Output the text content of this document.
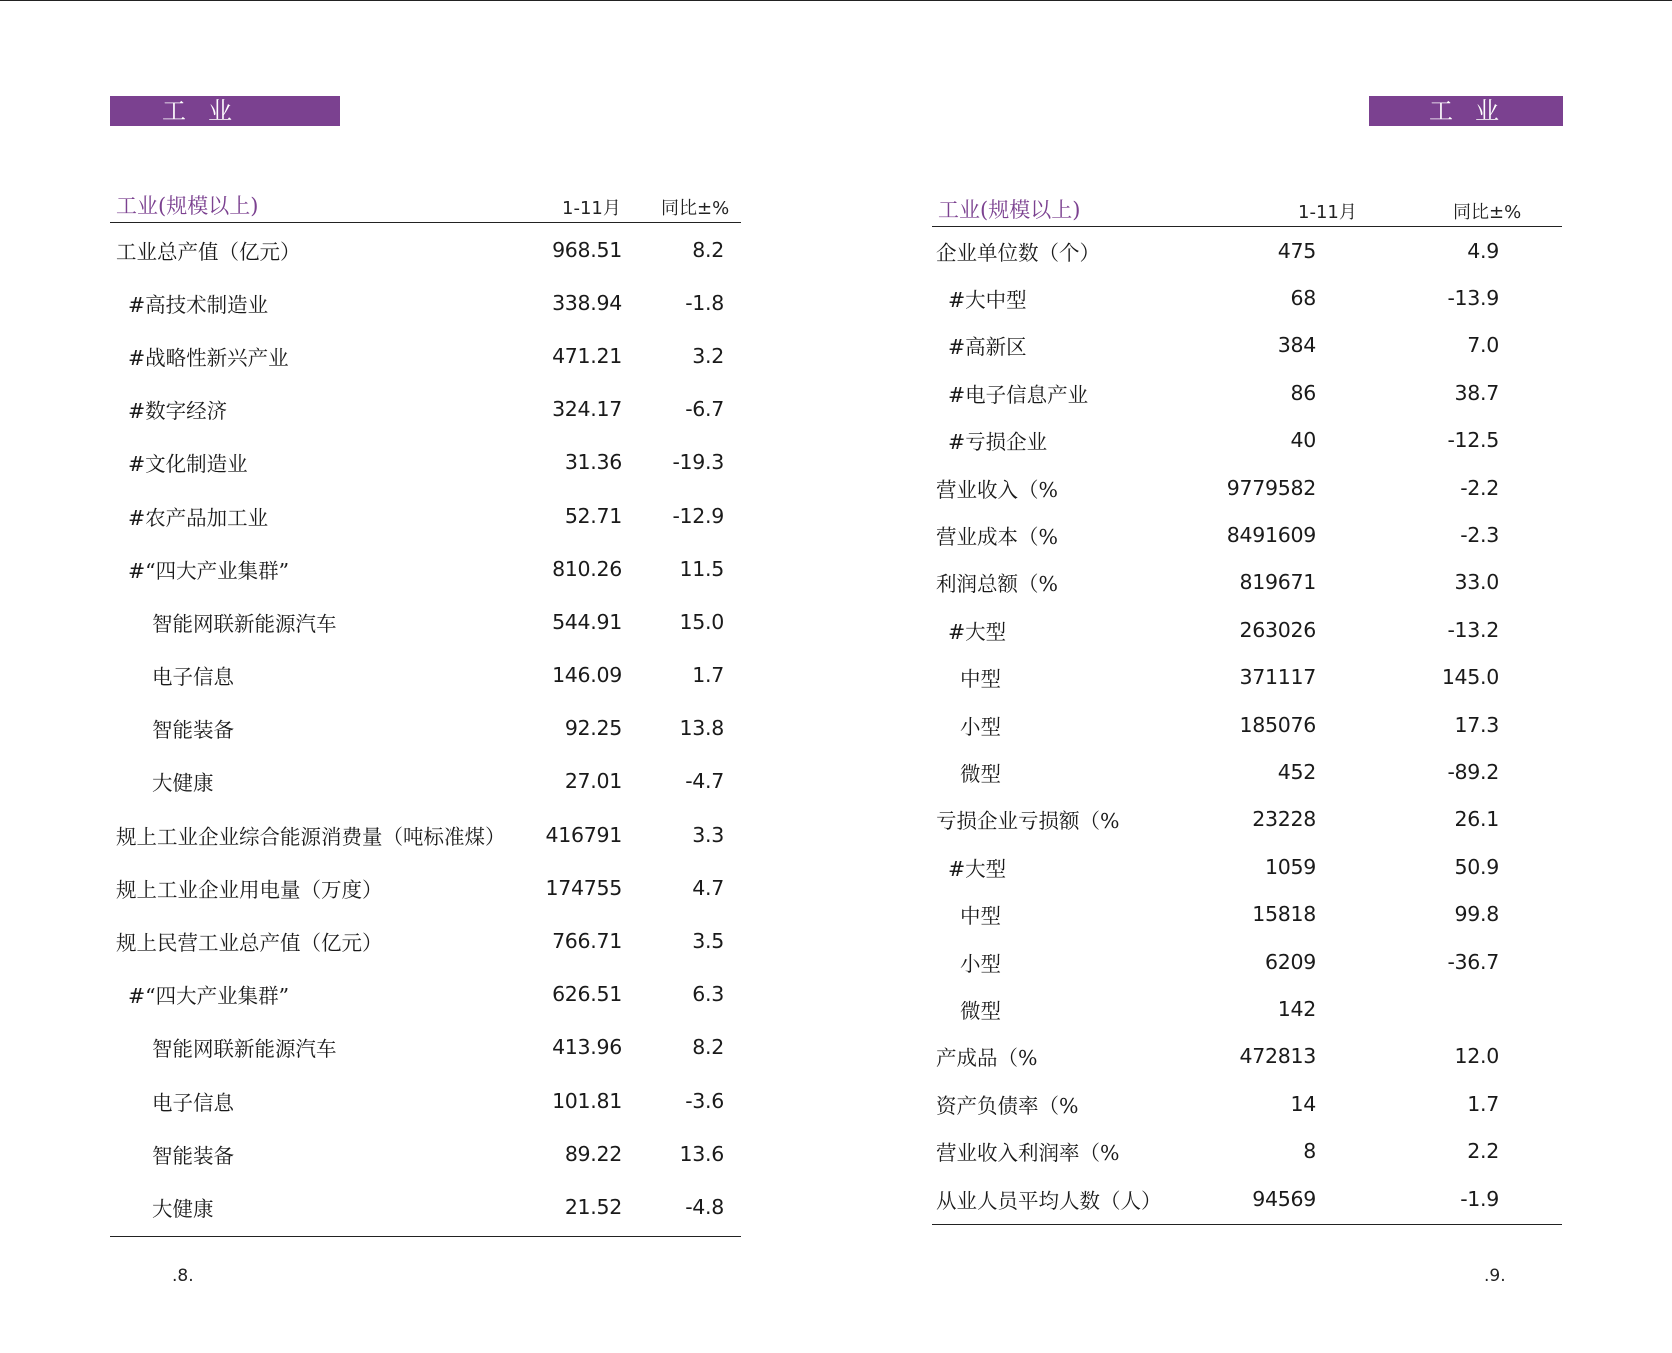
工业
工业(规模以上)	1-11月 同比±%
工业总产值（亿元）	968.51	8.2
#高技术制造业	338.94	-1.8
#战略性新兴产业	471.21	3.2
#数字经济	324.17	-6.7
#文化制造业	31.36	-19.3
#农产品加工业	52.71	-12.9
#“四大产业集群”	810.26	11.5
智能网联新能源汽车	544.91	15.0
电子信息	146.09	1.7
智能装备	92.25	13.8
大健康	27.01	-4.7
规上工业企业综合能源消费量（吨标准煤）	416791	3.3
规上工业企业用电量（万度）	174755	4.7
规上民营工业总产值（亿元）	766.71	3.5
#“四大产业集群”	626.51	6.3
智能网联新能源汽车	413.96	8.2
电子信息	101.81	-3.6
智能装备	89.22	13.6
大健康	21.52	-4.8
.8.
工业
工业(规模以上)	1-11月	同比±%
企业单位数（个）	475	4.9
#大中型	68	-13.9
#高新区	384	7.0
#电子信息产业	86	38.7
#亏损企业	40	-12.5
营业收入（%	9779582	-2.2
营业成本（%	8491609	-2.3
利润总额（%	819671	33.0
#大型	263026	-13.2
中型	371117	145.0
小型	185076	17.3
微型	452	-89.2
亏损企业亏损额（%	23228	26.1
#大型	1059	50.9
中型	15818	99.8
小型	6209	-36.7
微型	142
产成品（%	472813	12.0
资产负债率（%	14	1.7
营业收入利润率（%	8	2.2
从业人员平均人数（人）	94569	-1.9
.9.
